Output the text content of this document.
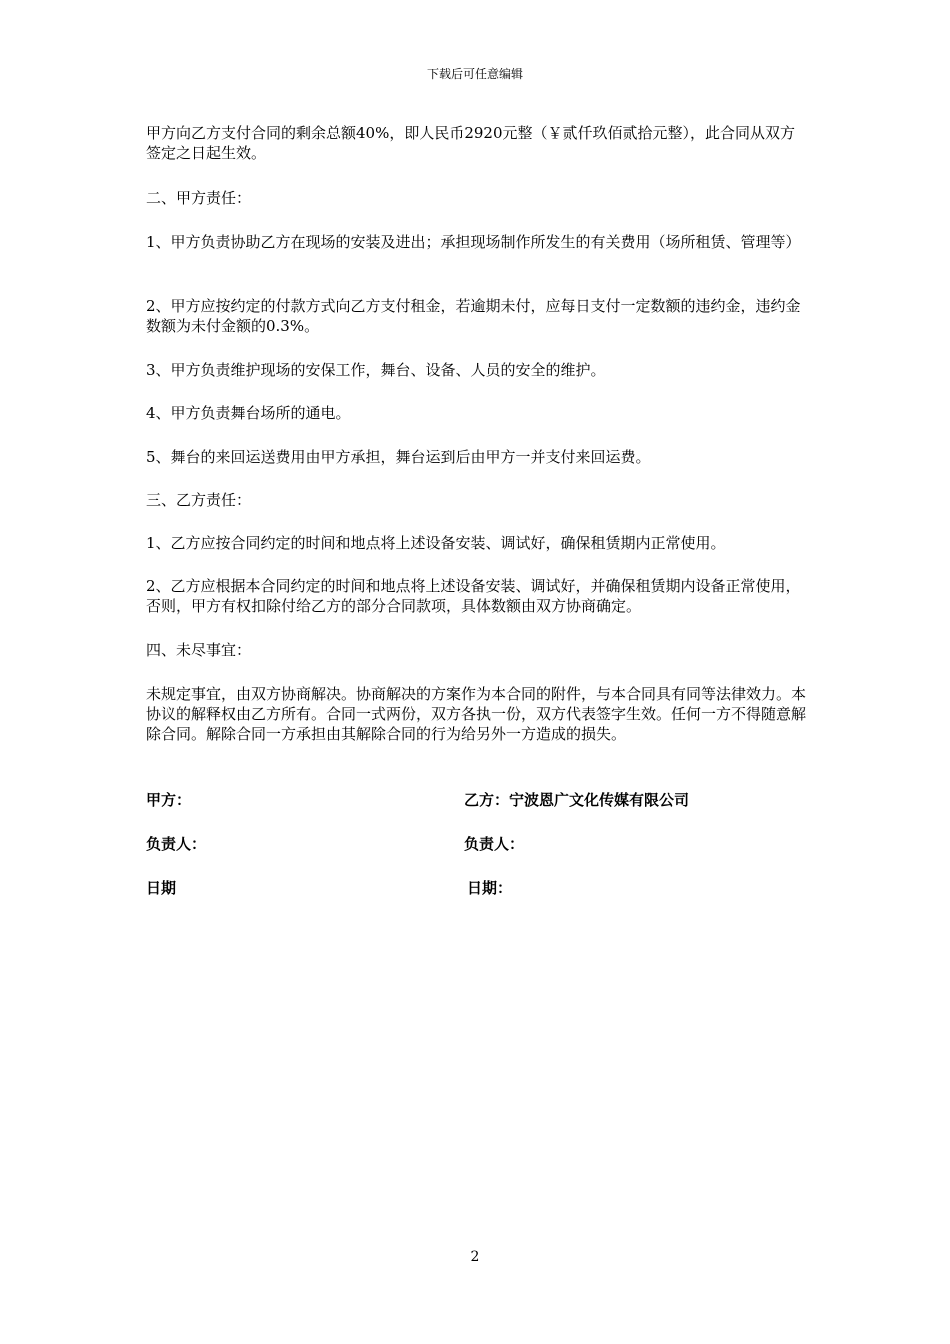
下载后可任意编辑

甲方向乙方支付合同的剩余总额40%，即人民币2920元整（￥贰仟玖佰贰拾元整），此合同从双方签定之日起生效。

二、甲方责任：

1、甲方负责协助乙方在现场的安装及进出；承担现场制作所发生的有关费用（场所租赁、管理等）

2、甲方应按约定的付款方式向乙方支付租金，若逾期未付，应每日支付一定数额的违约金，违约金数额为未付金额的0.3%。

3、甲方负责维护现场的安保工作，舞台、设备、人员的安全的维护。

4、甲方负责舞台场所的通电。

5、舞台的来回运送费用由甲方承担，舞台运到后由甲方一并支付来回运费。

三、乙方责任：

1、乙方应按合同约定的时间和地点将上述设备安装、调试好，确保租赁期内正常使用。

2、乙方应根据本合同约定的时间和地点将上述设备安装、调试好，并确保租赁期内设备正常使用，否则，甲方有权扣除付给乙方的部分合同款项，具体数额由双方协商确定。

四、未尽事宜：

未规定事宜，由双方协商解决。协商解决的方案作为本合同的附件，与本合同具有同等法律效力。本协议的解释权由乙方所有。合同一式两份，双方各执一份，双方代表签字生效。任何一方不得随意解除合同。解除合同一方承担由其解除合同的行为给另外一方造成的损失。

甲方：	乙方：宁波恩广文化传媒有限公司

负责人：	负责人：

日期	日期：

2
